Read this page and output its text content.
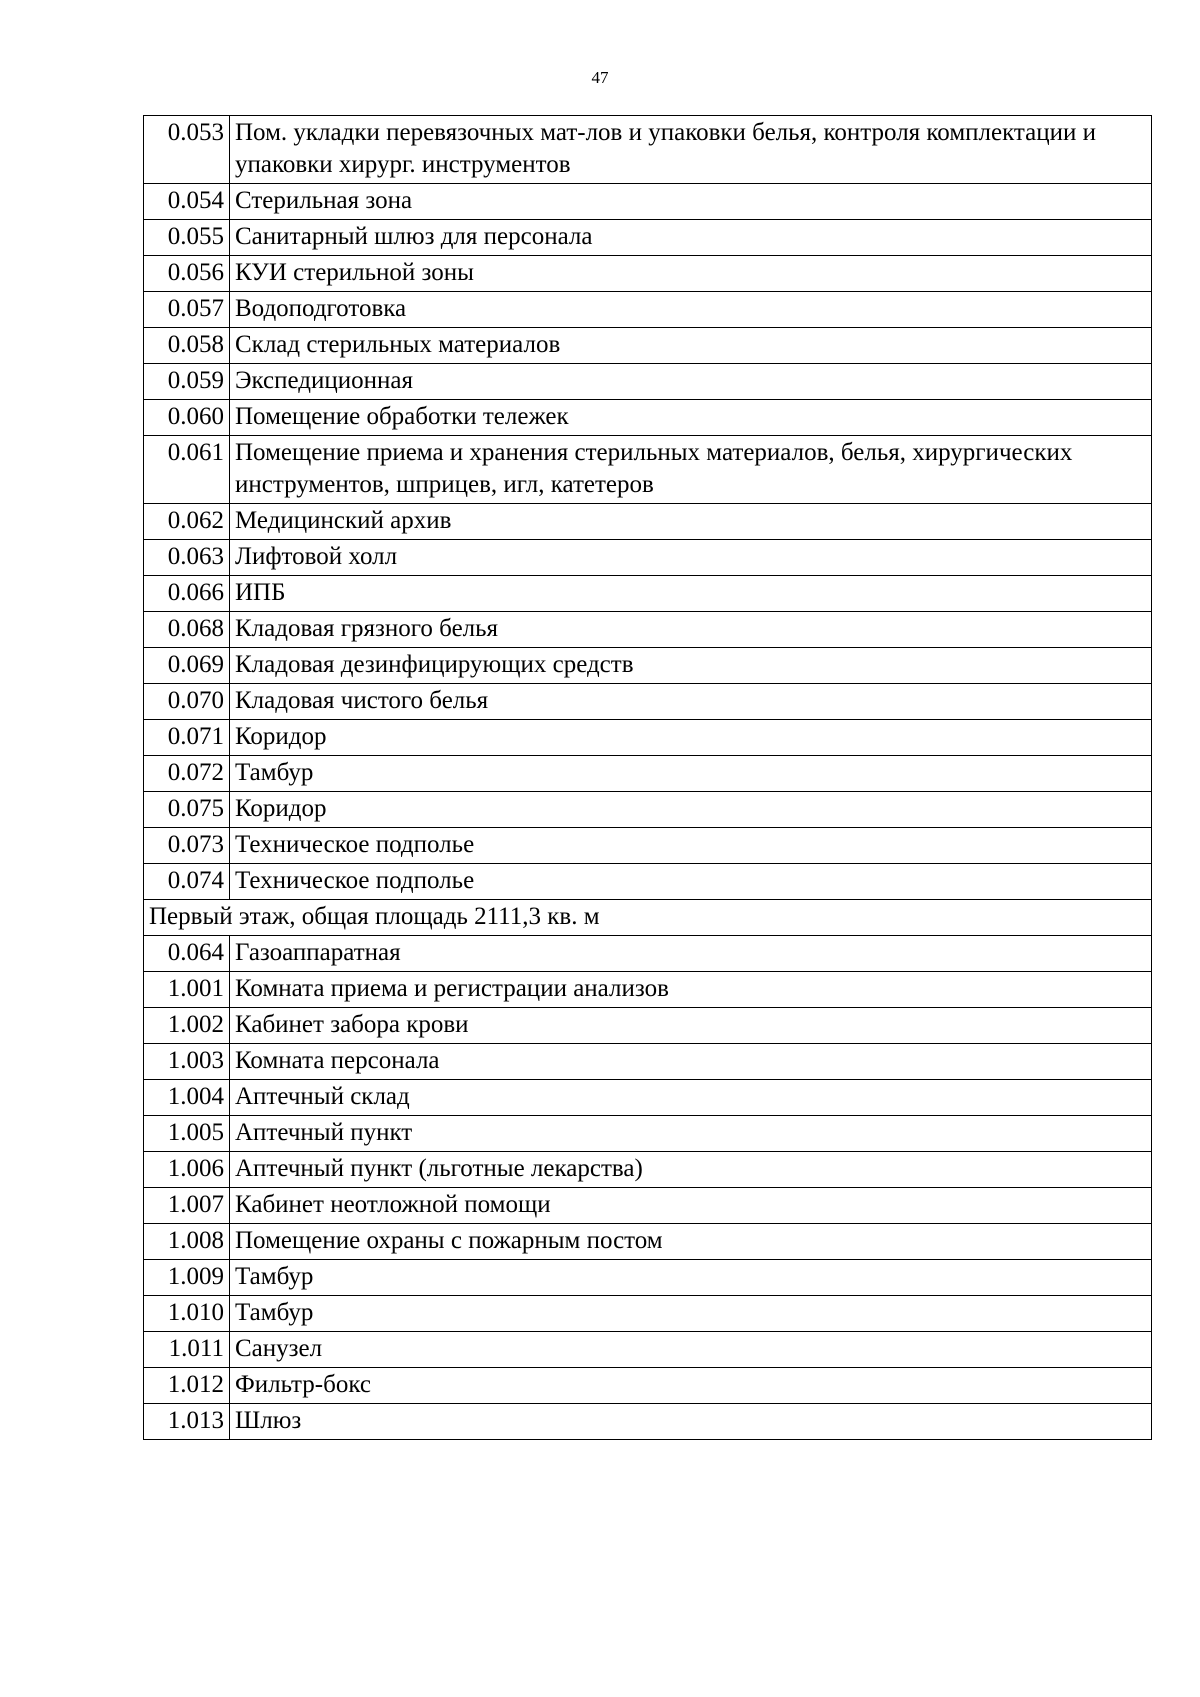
47
0.053	Пом. укладки перевязочных мат-лов и упаковки белья, контроля комплектации и упаковки хирург. инструментов
0.054	Стерильная зона
0.055	Санитарный шлюз для персонала
0.056	КУИ стерильной зоны
0.057	Водоподготовка
0.058	Склад стерильных материалов
0.059	Экспедиционная
0.060	Помещение обработки тележек
0.061	Помещение приема и хранения стерильных материалов, белья, хирургических инструментов, шприцев, игл, катетеров
0.062	Медицинский архив
0.063	Лифтовой холл
0.066	ИПБ
0.068	Кладовая грязного белья
0.069	Кладовая дезинфицирующих средств
0.070	Кладовая чистого белья
0.071	Коридор
0.072	Тамбур
0.075	Коридор
0.073	Техническое подполье
0.074	Техническое подполье
Первый этаж, общая площадь 2111,3 кв. м	
0.064	Газоаппаратная
1.001	Комната приема и регистрации анализов
1.002	Кабинет забора крови
1.003	Комната персонала
1.004	Аптечный склад
1.005	Аптечный пункт
1.006	Аптечный пункт (льготные лекарства)
1.007	Кабинет неотложной помощи
1.008	Помещение охраны с пожарным постом
1.009	Тамбур
1.010	Тамбур
1.011	Санузел
1.012	Фильтр-бокс
1.013	Шлюз
